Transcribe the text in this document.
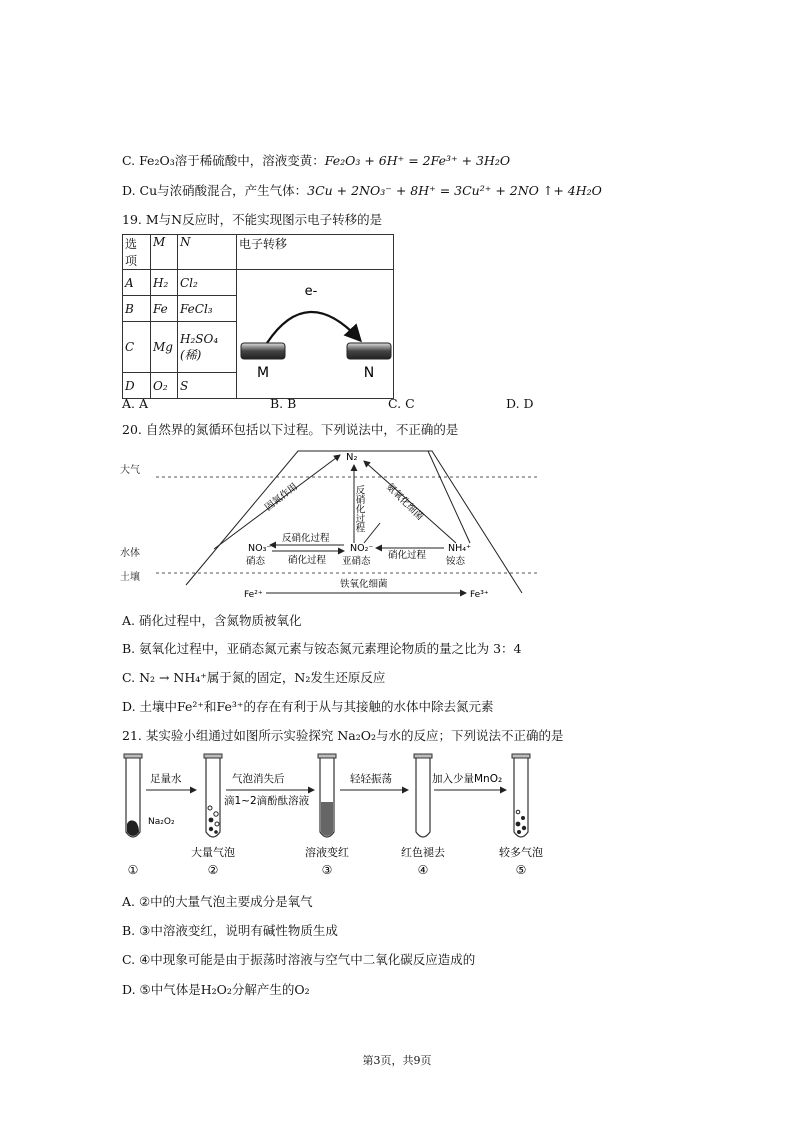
C. Fe₂O₃溶于稀硫酸中，溶液变黄：Fe₂O₃ + 6H⁺ = 2Fe³⁺ + 3H₂O
D. Cu与浓硝酸混合，产生气体：3Cu + 2NO₃⁻ + 8H⁺ = 3Cu²⁺ + 2NO ↑+ 4H₂O
19. M与N反应时，不能实现图示电子转移的是
选项	M	N	电子转移
A	H₂	Cl₂	e-
M N

B	Fe	FeCl₃	
C	Mg	H₂SO₄(稀)	
D	O₂	S	
A. A	B. B	C. C	D. D
20. 自然界的氮循环包括以下过程。下列说法中，不正确的是
大气
水体
土壤
N₂
固氮作用	反硝化过程 氨氧化细菌
NO₃⁻
硝态
NO₂⁻
亚硝态
NH₄⁺
铵态
反硝化过程
硝化过程	硝化过程
Fe²⁺	Fe³⁺
铁氧化细菌
A. 硝化过程中，含氮物质被氧化
B. 氨氧化过程中，亚硝态氮元素与铵态氮元素理论物质的量之比为 3：4
C. N₂ → NH₄⁺属于氮的固定，N₂发生还原反应
D. 土壤中Fe²⁺和Fe³⁺的存在有利于从与其接触的水体中除去氮元素
21. 某实验小组通过如图所示实验探究 Na₂O₂与水的反应；下列说法不正确的是
Na₂O₂
足量水	气泡消失后
滴1~2滴酚酞溶液
轻轻振荡	加入少量MnO₂
大量气泡	溶液变红	红色褪去	较多气泡
①	②	③	④	⑤
A. ②中的大量气泡主要成分是氧气
B. ③中溶液变红，说明有碱性物质生成
C. ④中现象可能是由于振荡时溶液与空气中二氧化碳反应造成的
D. ⑤中气体是H₂O₂分解产生的O₂
第3页，共9页
